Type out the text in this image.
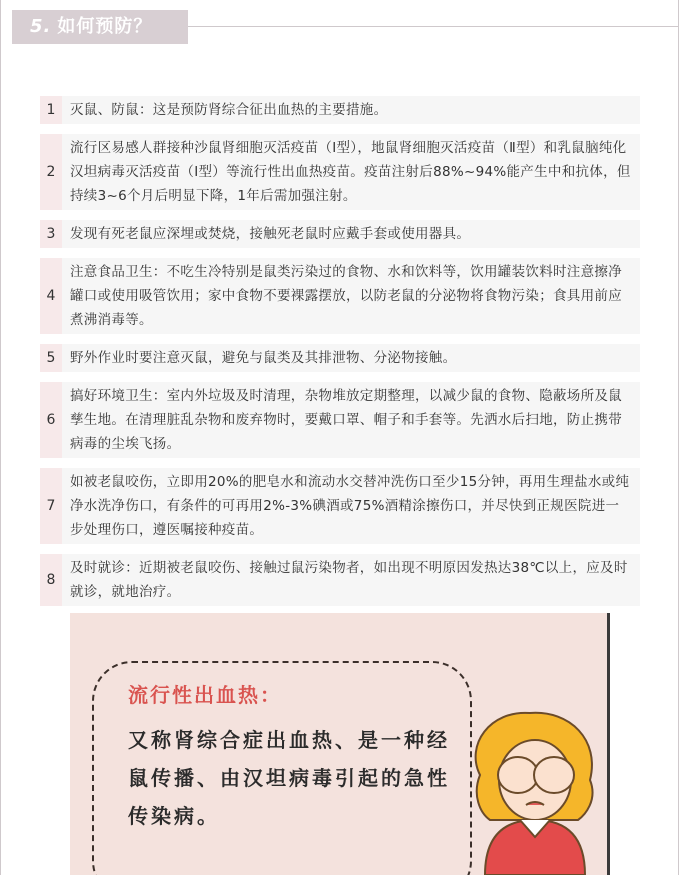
5. 如何预防？
1	灭鼠、防鼠：这是预防肾综合征出血热的主要措施。
2
流行区易感人群接种沙鼠肾细胞灭活疫苗（Ⅰ型），地鼠肾细胞灭活疫苗（Ⅱ型）和乳鼠脑纯化汉坦病毒灭活疫苗（Ⅰ型）等流行性出血热疫苗。疫苗注射后88%~94%能产生中和抗体，但持续3~6个月后明显下降，1年后需加强注射。
3	发现有死老鼠应深埋或焚烧，接触死老鼠时应戴手套或使用器具。
4
注意食品卫生：不吃生冷特别是鼠类污染过的食物、水和饮料等，饮用罐装饮料时注意擦净罐口或使用吸管饮用；家中食物不要裸露摆放，以防老鼠的分泌物将食物污染；食具用前应煮沸消毒等。
5	野外作业时要注意灭鼠，避免与鼠类及其排泄物、分泌物接触。
6
搞好环境卫生：室内外垃圾及时清理，杂物堆放定期整理，以减少鼠的食物、隐蔽场所及鼠孳生地。在清理脏乱杂物和废弃物时，要戴口罩、帽子和手套等。先洒水后扫地，防止携带病毒的尘埃飞扬。
7
如被老鼠咬伤，立即用20%的肥皂水和流动水交替冲洗伤口至少15分钟，再用生理盐水或纯净水洗净伤口，有条件的可再用2%-3%碘酒或75%酒精涂擦伤口，并尽快到正规医院进一步处理伤口，遵医嘱接种疫苗。
8
及时就诊：近期被老鼠咬伤、接触过鼠污染物者，如出现不明原因发热达38℃以上，应及时就诊，就地治疗。
流行性出血热：
又称肾综合症出血热、是一种经鼠传播、由汉坦病毒引起的急性传染病。
